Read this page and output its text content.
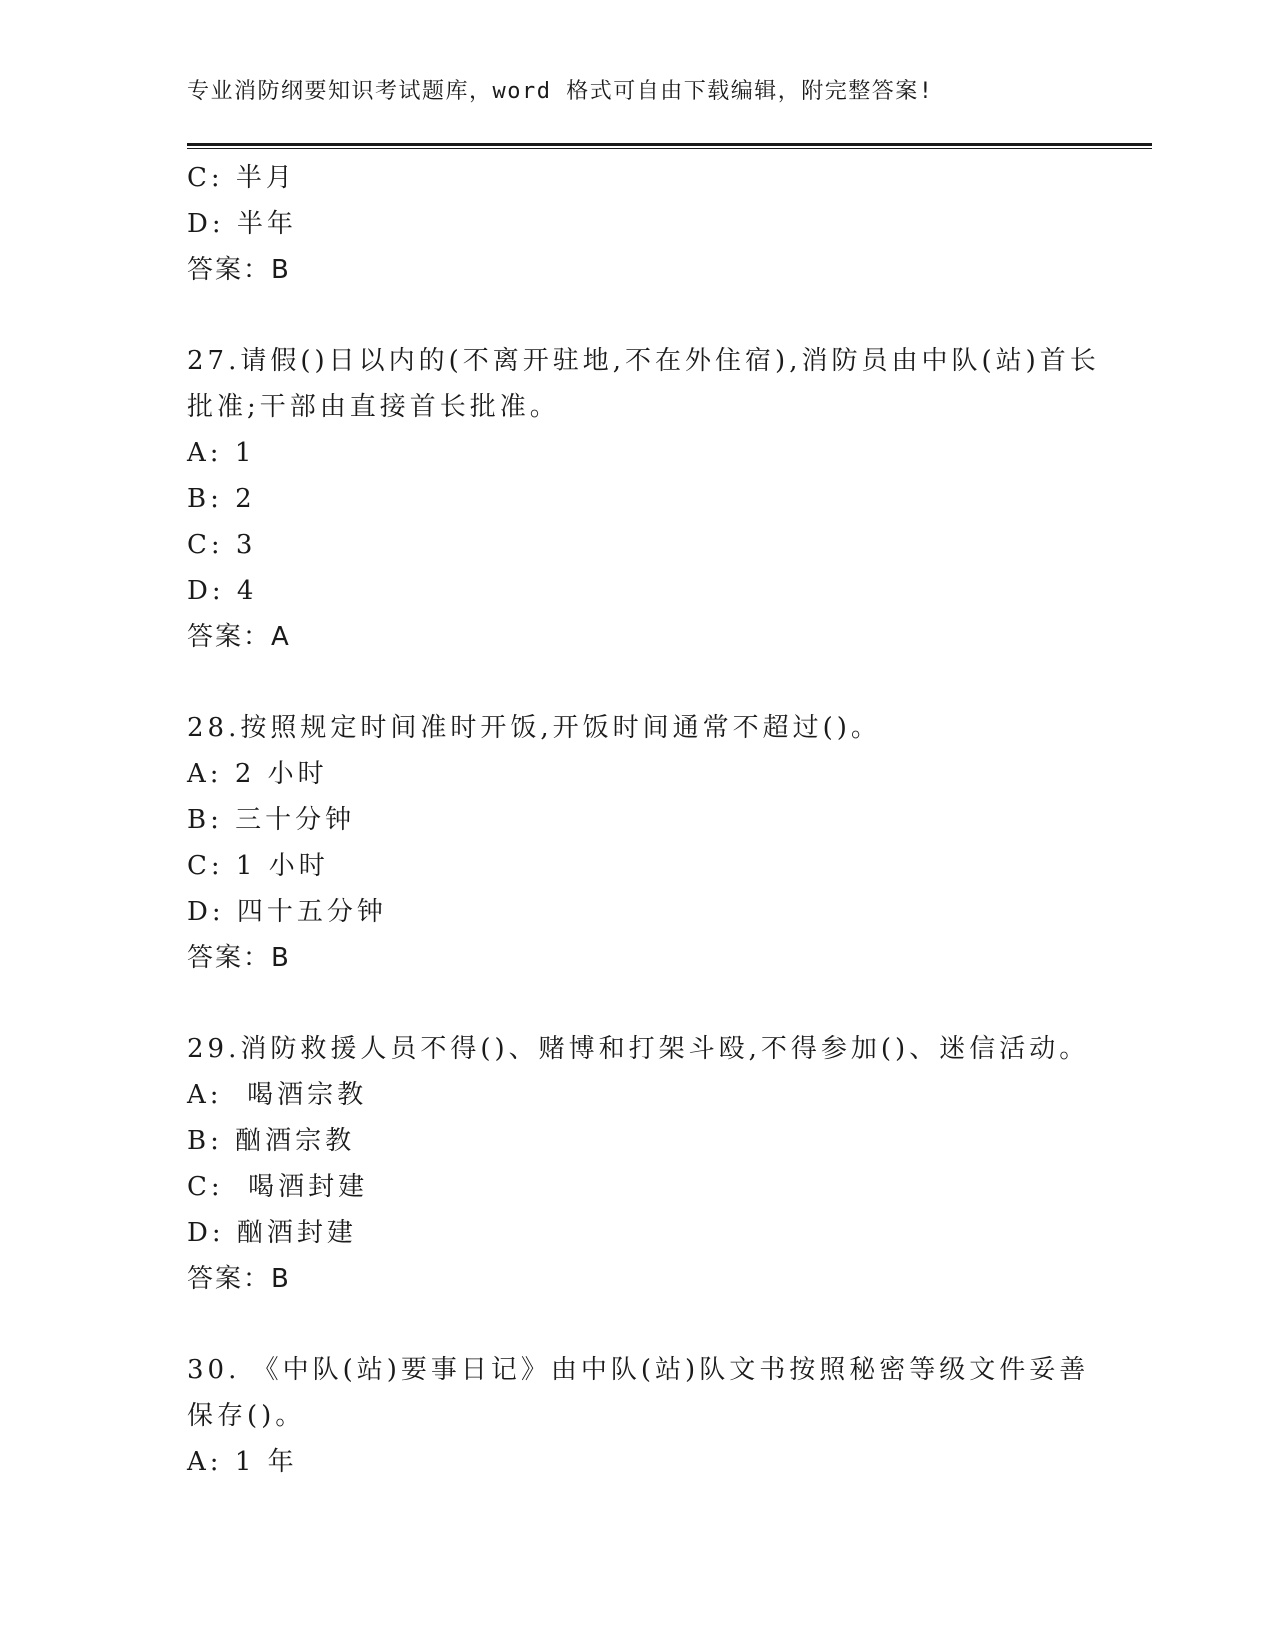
专业消防纲要知识考试题库，word 格式可自由下载编辑，附完整答案!
C: 半月
D: 半年
答案：B
27.请假()日以内的(不离开驻地,不在外住宿),消防员由中队(站)首长
批准;干部由直接首长批准。
A: 1
B: 2
C: 3
D: 4
答案：A
28.按照规定时间准时开饭,开饭时间通常不超过()。
A: 2 小时
B: 三十分钟
C: 1 小时
D: 四十五分钟
答案：B
29.消防救援人员不得()、赌博和打架斗殴,不得参加()、迷信活动。
A:  喝酒宗教
B: 酗酒宗教
C:  喝酒封建
D: 酗酒封建
答案：B
30. 《中队(站)要事日记》由中队(站)队文书按照秘密等级文件妥善
保存()。
A: 1 年
